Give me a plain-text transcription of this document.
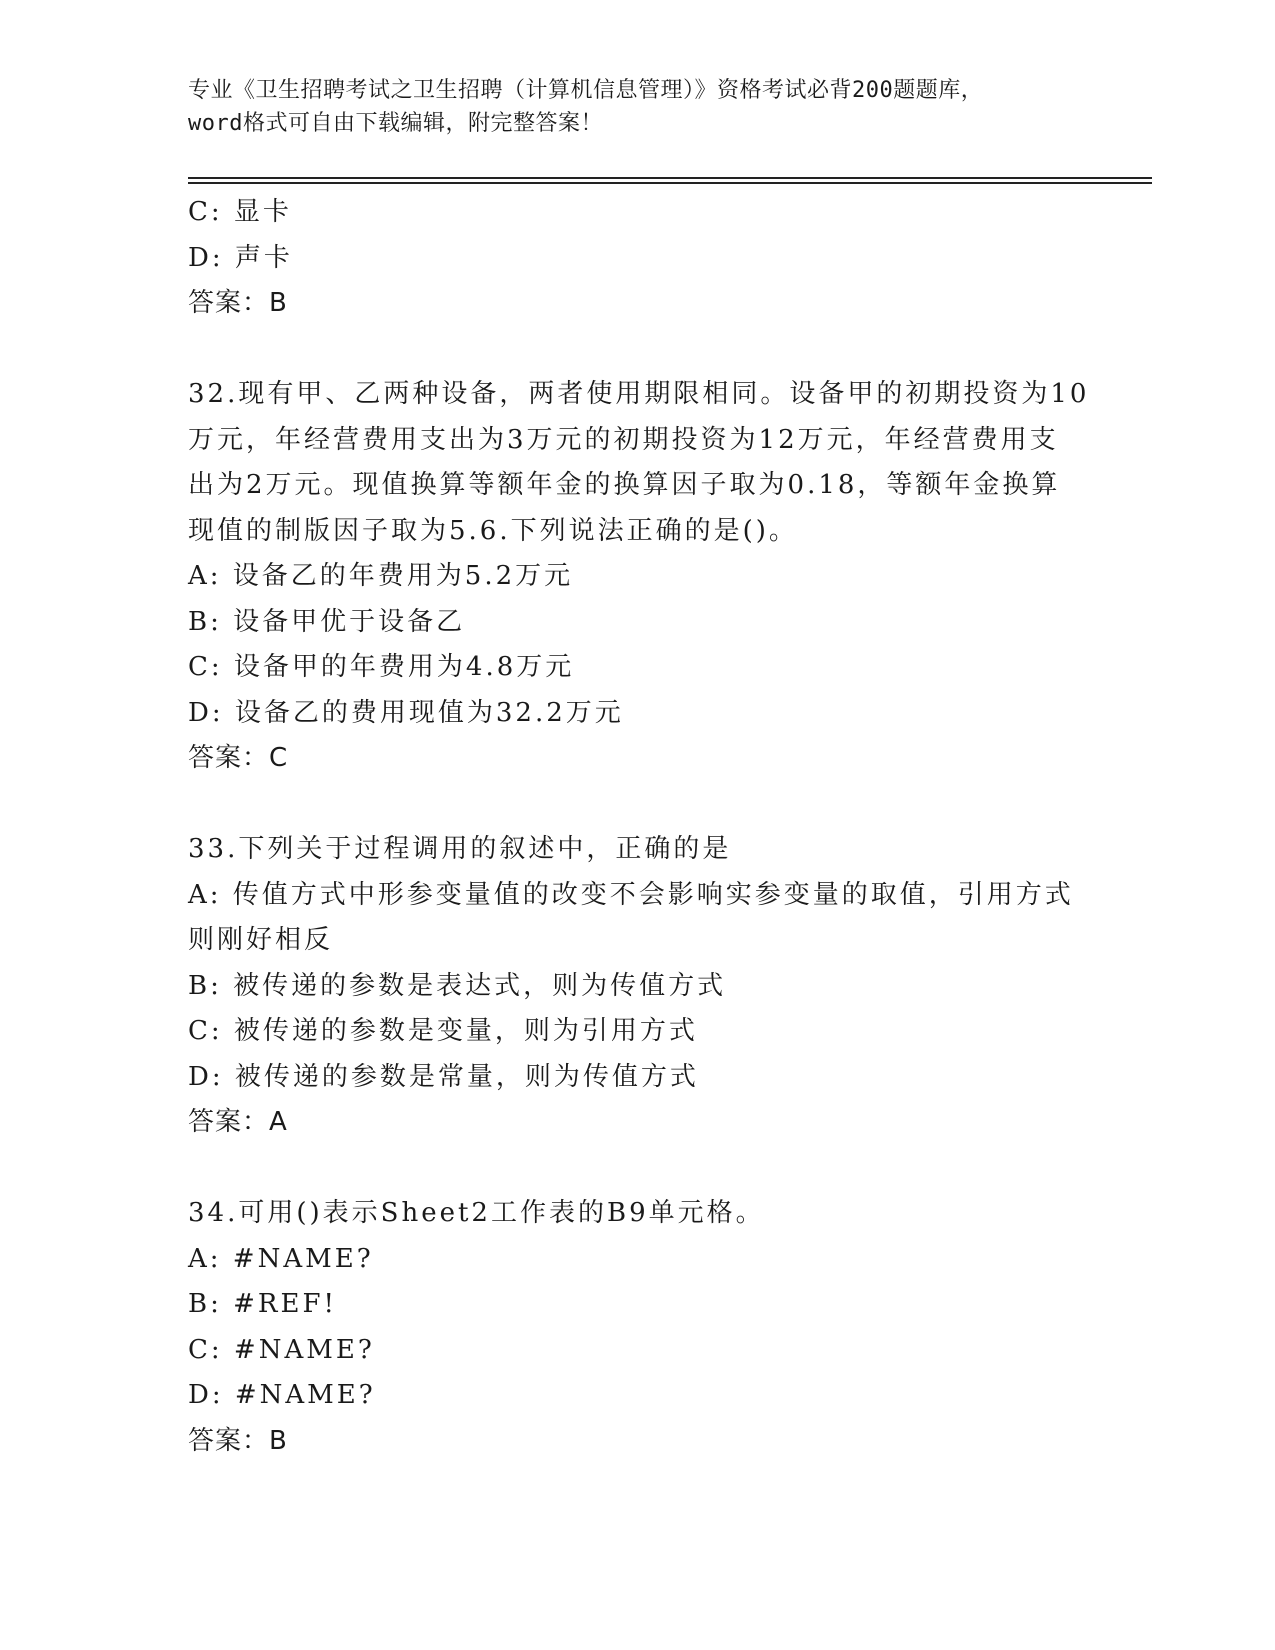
专业《卫生招聘考试之卫生招聘（计算机信息管理）》资格考试必背200题题库，
word格式可自由下载编辑，附完整答案！
C: 显卡
D: 声卡
答案：B
32.现有甲、乙两种设备，两者使用期限相同。设备甲的初期投资为10
万元，年经营费用支出为3万元的初期投资为12万元，年经营费用支
出为2万元。现值换算等额年金的换算因子取为0.18，等额年金换算
现值的制版因子取为5.6.下列说法正确的是()。
A: 设备乙的年费用为5.2万元
B: 设备甲优于设备乙
C: 设备甲的年费用为4.8万元
D: 设备乙的费用现值为32.2万元
答案：C
33.下列关于过程调用的叙述中，正确的是
A: 传值方式中形参变量值的改变不会影响实参变量的取值，引用方式
则刚好相反
B: 被传递的参数是表达式，则为传值方式
C: 被传递的参数是变量，则为引用方式
D: 被传递的参数是常量，则为传值方式
答案：A
34.可用()表示Sheet2工作表的B9单元格。
A: #NAME?
B: #REF!
C: #NAME?
D: #NAME?
答案：B
